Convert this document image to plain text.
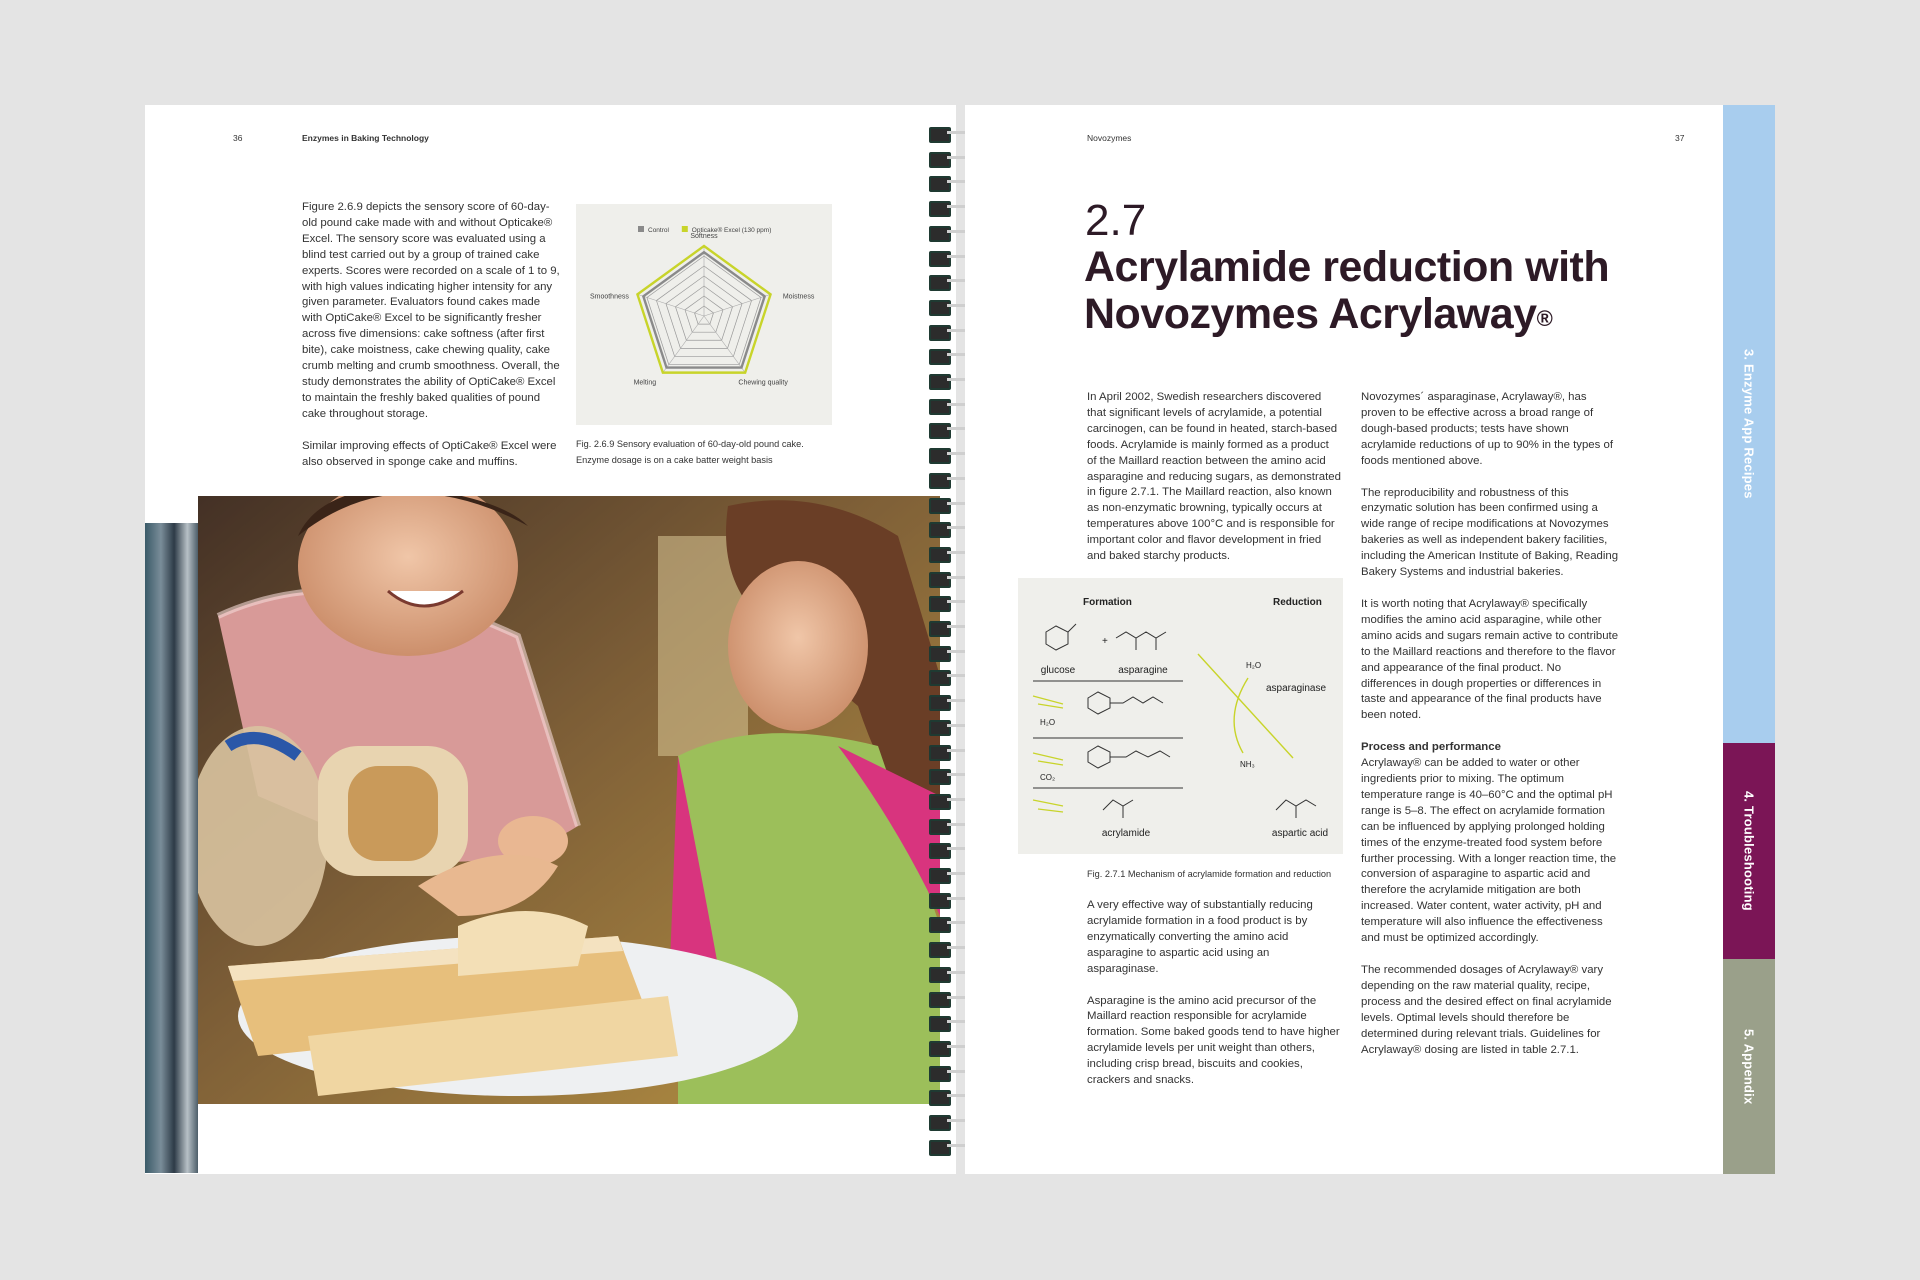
36	Enzymes in Baking Technology

Figure 2.6.9 depicts the sensory score of 60-day-old pound cake made with and without Opticake® Excel. The sensory score was evaluated using a blind test carried out by a group of trained cake experts. Scores were recorded on a scale of 1 to 9, with high values indicating higher intensity for any given parameter. Evaluators found cakes made with OptiCake® Excel to be significantly fresher across five dimensions: cake softness (after first bite), cake moistness, cake chewing quality, cake crumb melting and crumb smoothness. Overall, the study demonstrates the ability of OptiCake® Excel to maintain the freshly baked qualities of pound cake throughout storage.

Similar improving effects of OptiCake® Excel were also observed in sponge cake and muffins.

Control	Opticake® Excel (130 ppm)
Softness
Moistness
Chewing quality
Melting
Smoothness
Fig. 2.6.9 Sensory evaluation of 60-day-old pound cake. Enzyme dosage is on a cake batter weight basis
Novozymes	37
2.7
Acrylamide reduction with
Novozymes Acrylaway®

In April 2002, Swedish researchers discovered that significant levels of acrylamide, a potential carcinogen, can be found in heated, starch-based foods. Acrylamide is mainly formed as a product of the Maillard reaction between the amino acid asparagine and reducing sugars, as demonstrated in figure 2.7.1. The Maillard reaction, also known as non-enzymatic browning, typically occurs at temperatures above 100°C and is responsible for important color and flavor development in fried and baked starchy products.

Formation	Reduction
glucose
+
asparagine
H₂O
CO₂
acrylamide
H₂O
asparaginase
NH₃
aspartic acid
Fig. 2.7.1 Mechanism of acrylamide formation and reduction

A very effective way of substantially reducing acrylamide formation in a food product is by enzymatically converting the amino acid asparagine to aspartic acid using an asparaginase.

Asparagine is the amino acid precursor of the Maillard reaction responsible for acrylamide formation. Some baked goods tend to have higher acrylamide levels per unit weight than others, including crisp bread, biscuits and cookies, crackers and snacks.

Novozymes´ asparaginase, Acrylaway®, has proven to be effective across a broad range of dough-based products; tests have shown acrylamide reductions of up to 90% in the types of foods mentioned above.

The reproducibility and robustness of this enzymatic solution has been confirmed using a wide range of recipe modifications at Novozymes bakeries as well as independent bakery facilities, including the American Institute of Baking, Reading Bakery Systems and industrial bakeries.

It is worth noting that Acrylaway® specifically modifies the amino acid asparagine, while other amino acids and sugars remain active to contribute to the Maillard reactions and therefore to the flavor and appearance of the final product. No differences in dough properties or differences in taste and appearance of the final products have been noted.

Process and performance

Acrylaway® can be added to water or other ingredients prior to mixing. The optimum temperature range is 40–60°C and the optimal pH range is 5–8. The effect on acrylamide formation can be influenced by applying prolonged holding times of the enzyme-treated food system before further processing. With a longer reaction time, the conversion of asparagine to aspartic acid and therefore the acrylamide mitigation are both increased. Water content, water activity, pH and temperature will also influence the effectiveness and must be optimized accordingly.

The recommended dosages of Acrylaway® vary depending on the raw material quality, recipe, process and the desired effect on final acrylamide levels. Optimal levels should therefore be determined during relevant trials. Guidelines for Acrylaway® dosing are listed in table 2.7.1.

3. Enzyme App Recipes
4. Troubleshooting
5. Appendix
